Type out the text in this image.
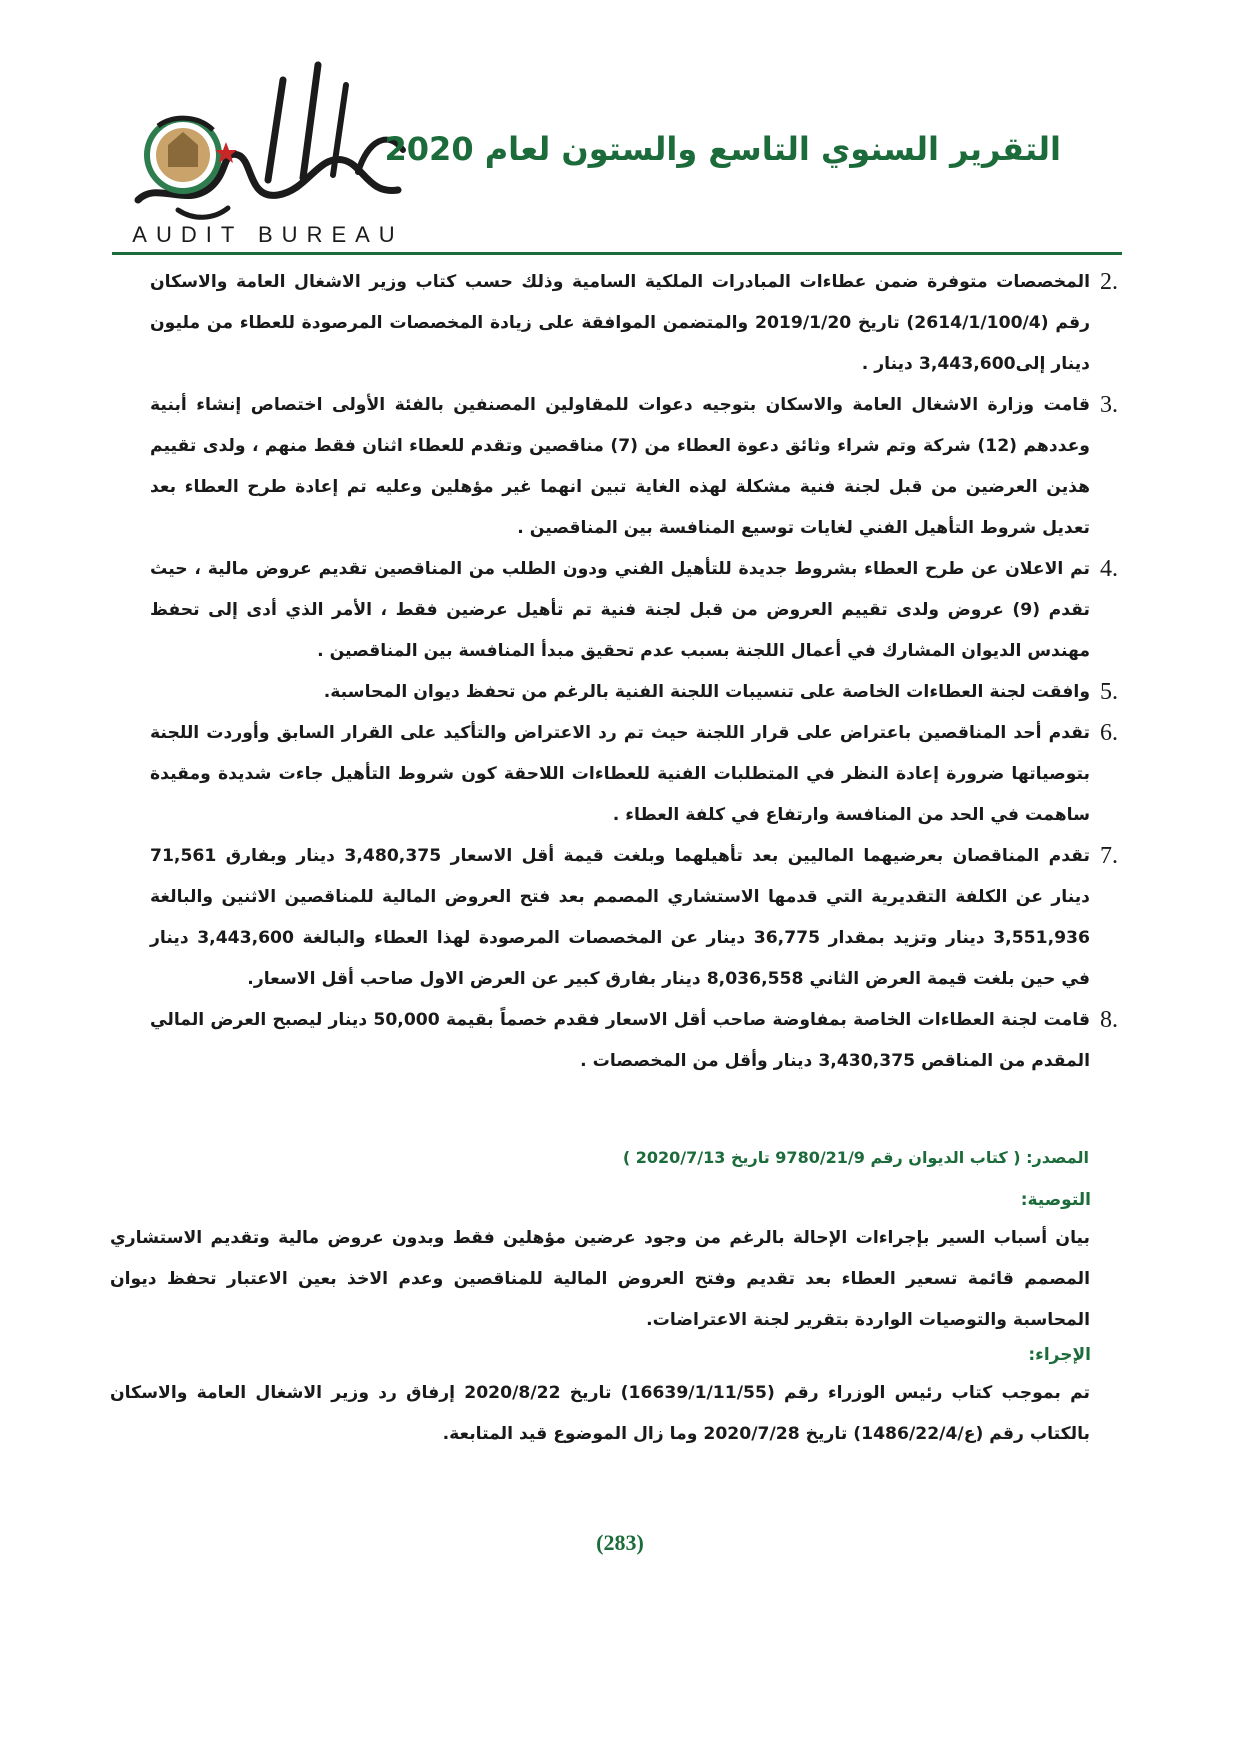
AUDIT BUREAU
التقرير السنوي التاسع والستون لعام 2020
2.
المخصصات متوفرة ضمن عطاءات المبادرات الملكية السامية وذلك حسب كتاب وزير الاشغال العامة والاسكان رقم (2614/1/100/4) تاريخ 2019/1/20 والمتضمن الموافقة على زيادة المخصصات المرصودة للعطاء من مليون دينار إلى3,443,600 دينار .
3.
قامت وزارة الاشغال العامة والاسكان بتوجيه دعوات للمقاولين المصنفين بالفئة الأولى اختصاص إنشاء أبنية وعددهم (12) شركة وتم شراء وثائق دعوة العطاء من (7) مناقصين وتقدم للعطاء اثنان فقط منهم ، ولدى تقييم هذين العرضين من قبل لجنة فنية مشكلة لهذه الغاية تبين انهما غير مؤهلين وعليه تم إعادة طرح العطاء بعد تعديل شروط التأهيل الفني لغايات توسيع المنافسة بين المناقصين .
4.
تم الاعلان عن طرح العطاء بشروط جديدة للتأهيل الفني ودون الطلب من المناقصين تقديم عروض مالية ، حيث تقدم (9) عروض ولدى تقييم العروض من قبل لجنة فنية تم تأهيل عرضين فقط ، الأمر الذي أدى إلى تحفظ مهندس الديوان المشارك في أعمال اللجنة بسبب عدم تحقيق مبدأ المنافسة بين المناقصين .
5.
وافقت لجنة العطاءات الخاصة على تنسيبات اللجنة الفنية بالرغم من تحفظ ديوان المحاسبة.
6.
تقدم أحد المناقصين باعتراض على قرار اللجنة حيث تم رد الاعتراض والتأكيد على القرار السابق وأوردت اللجنة بتوصياتها ضرورة إعادة النظر في المتطلبات الفنية للعطاءات اللاحقة كون شروط التأهيل جاءت شديدة ومقيدة ساهمت في الحد من المنافسة وارتفاع في كلفة العطاء .
7.
تقدم المناقصان بعرضيهما الماليين بعد تأهيلهما وبلغت قيمة أقل الاسعار 3,480,375 دينار وبفارق 71,561 دينار عن الكلفة التقديرية التي قدمها الاستشاري المصمم بعد فتح العروض المالية للمناقصين الاثنين والبالغة 3,551,936 دينار وتزيد بمقدار 36,775 دينار عن المخصصات المرصودة لهذا العطاء والبالغة 3,443,600 دينار في حين بلغت قيمة العرض الثاني 8,036,558 دينار بفارق كبير عن العرض الاول صاحب أقل الاسعار.
8.
قامت لجنة العطاءات الخاصة بمفاوضة صاحب أقل الاسعار فقدم خصماً بقيمة 50,000 دينار ليصبح العرض المالي المقدم من المناقص 3,430,375 دينار وأقل من المخصصات .
المصدر: ( كتاب الديوان رقم 9780/21/9 تاريخ 2020/7/13 )
التوصية:
بيان أسباب السير بإجراءات الإحالة بالرغم من وجود عرضين مؤهلين فقط وبدون عروض مالية وتقديم الاستشاري المصمم قائمة تسعير العطاء بعد تقديم وفتح العروض المالية للمناقصين وعدم الاخذ بعين الاعتبار تحفظ ديوان المحاسبة والتوصيات الواردة بتقرير لجنة الاعتراضات.
الإجراء:
تم بموجب كتاب رئيس الوزراء رقم (16639/1/11/55) تاريخ 2020/8/22 إرفاق رد وزير الاشغال العامة والاسكان بالكتاب رقم (ع/1486/22/4) تاريخ 2020/7/28 وما زال الموضوع قيد المتابعة.
(283)
